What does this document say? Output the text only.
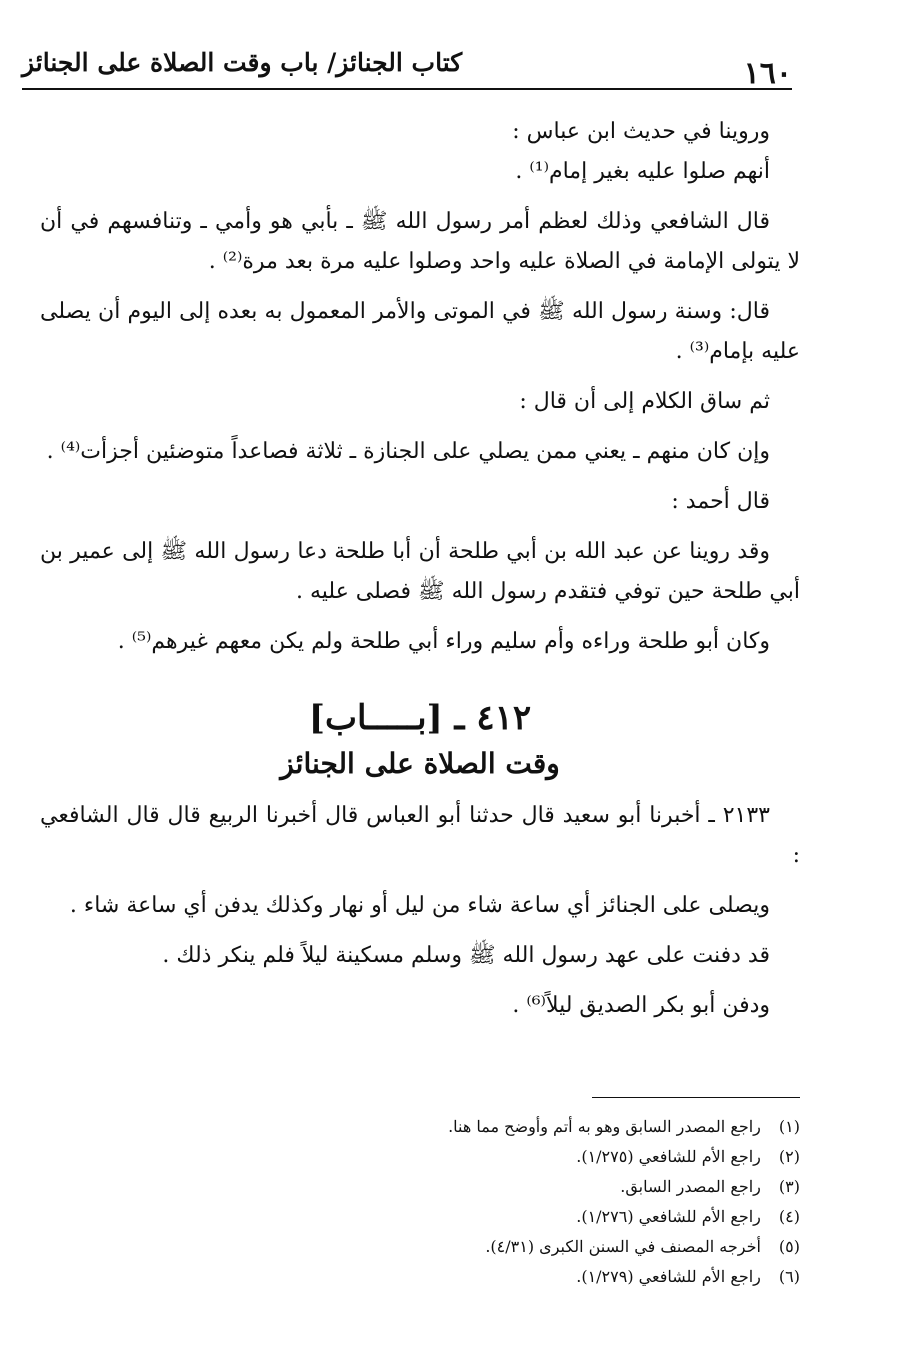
١٦٠
كتاب الجنائز/ باب وقت الصلاة على الجنائز

وروينا في حديث ابن عباس :

أنهم صلوا عليه بغير إمام⁽¹⁾ .

قال الشافعي وذلك لعظم أمر رسول الله ﷺ ـ بأبي هو وأمي ـ وتنافسهم في أن لا يتولى الإمامة في الصلاة عليه واحد وصلوا عليه مرة بعد مرة⁽²⁾ .

قال: وسنة رسول الله ﷺ في الموتى والأمر المعمول به بعده إلى اليوم أن يصلى عليه بإمام⁽³⁾ .

ثم ساق الكلام إلى أن قال :

وإن كان منهم ـ يعني ممن يصلي على الجنازة ـ ثلاثة فصاعداً متوضئين أجزأت⁽⁴⁾ .

قال أحمد :

وقد روينا عن عبد الله بن أبي طلحة أن أبا طلحة دعا رسول الله ﷺ إلى عمير بن أبي طلحة حين توفي فتقدم رسول الله ﷺ فصلى عليه .

وكان أبو طلحة وراءه وأم سليم وراء أبي طلحة ولم يكن معهم غيرهم⁽⁵⁾ .

٤١٢ ـ [بـــــاب]
وقت الصلاة على الجنائز

٢١٣٣ ـ أخبرنا أبو سعيد قال حدثنا أبو العباس قال أخبرنا الربيع قال قال الشافعي :

ويصلى على الجنائز أي ساعة شاء من ليل أو نهار وكذلك يدفن أي ساعة شاء .

قد دفنت على عهد رسول الله ﷺ وسلم مسكينة ليلاً فلم ينكر ذلك .

ودفن أبو بكر الصديق ليلاً⁽⁶⁾ .

(١) راجع المصدر السابق وهو به أتم وأوضح مما هنا.
(٢) راجع الأم للشافعي (١/٢٧٥).
(٣) راجع المصدر السابق.
(٤) راجع الأم للشافعي (١/٢٧٦).
(٥) أخرجه المصنف في السنن الكبرى (٤/٣١).
(٦) راجع الأم للشافعي (١/٢٧٩).
